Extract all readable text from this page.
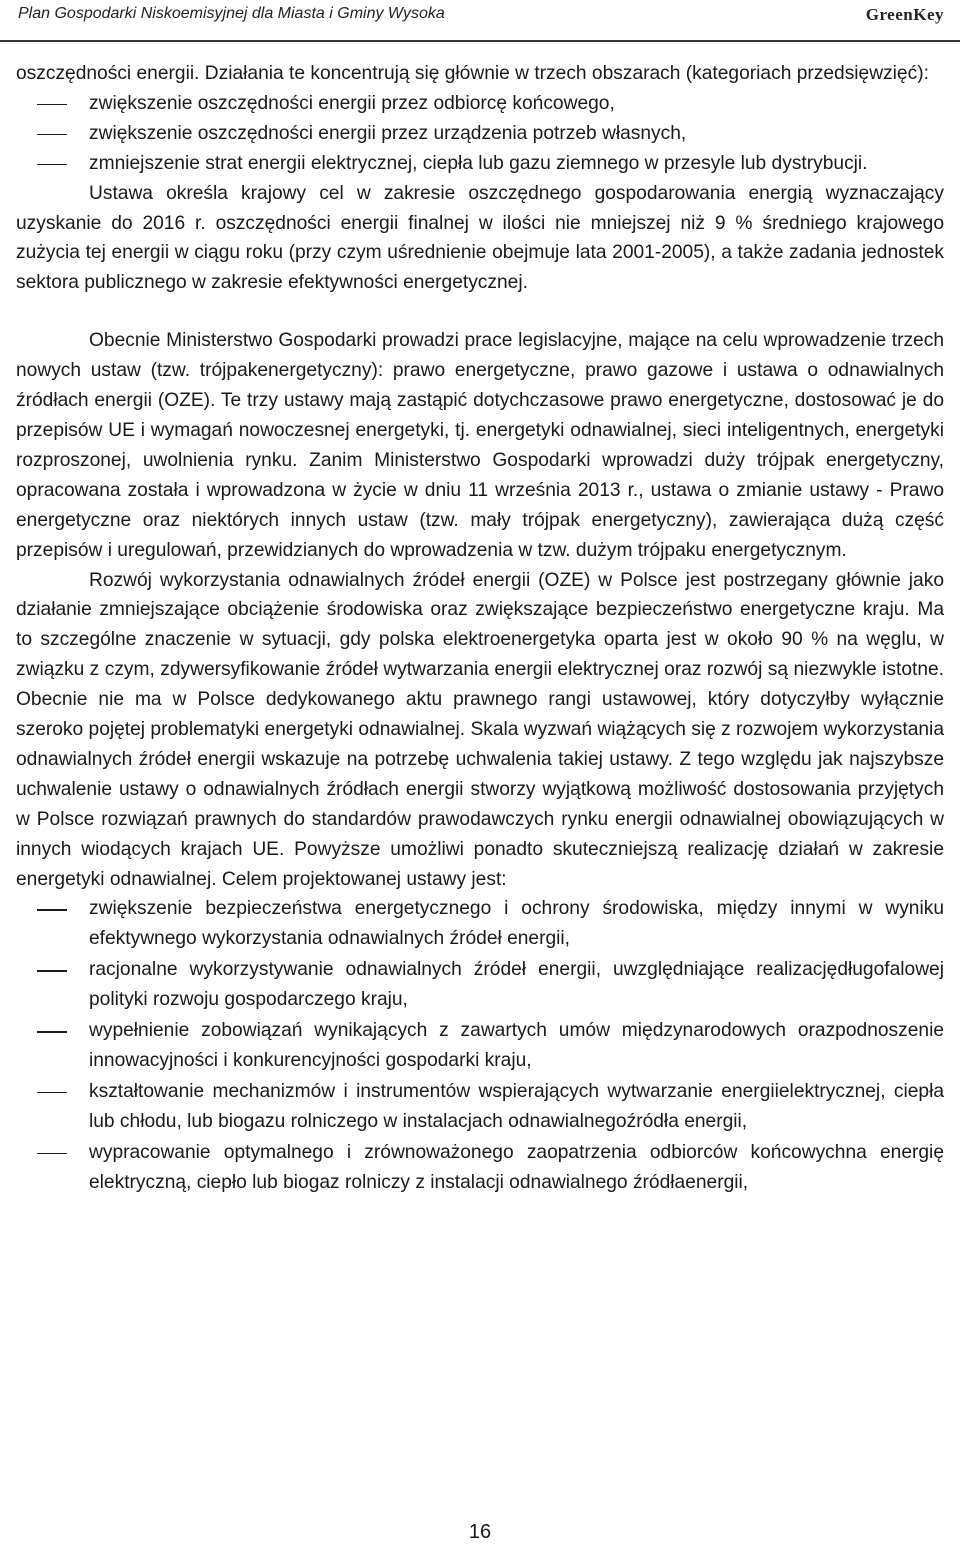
Plan Gospodarki Niskoemisyjnej dla Miasta i Gminy Wysoka	GreenKey

oszczędności energii. Działania te koncentrują się głównie w trzech obszarach (kategoriach przedsięwzięć):

zwiększenie oszczędności energii przez odbiorcę końcowego,
zwiększenie oszczędności energii przez urządzenia potrzeb własnych,
zmniejszenie strat energii elektrycznej, ciepła lub gazu ziemnego w przesyle lub dystrybucji.

Ustawa określa krajowy cel w zakresie oszczędnego gospodarowania energią wyznaczający uzyskanie do 2016 r. oszczędności energii finalnej w ilości nie mniejszej niż 9 % średniego krajowego zużycia tej energii w ciągu roku (przy czym uśrednienie obejmuje lata 2001-2005), a także zadania jednostek sektora publicznego w zakresie efektywności energetycznej.

Obecnie Ministerstwo Gospodarki prowadzi prace legislacyjne, mające na celu wprowadzenie trzech nowych ustaw (tzw. trójpakenergetyczny): prawo energetyczne, prawo gazowe i ustawa o odnawialnych źródłach energii (OZE). Te trzy ustawy mają zastąpić dotychczasowe prawo energetyczne, dostosować je do przepisów UE i wymagań nowoczesnej energetyki, tj. energetyki odnawialnej, sieci inteligentnych, energetyki rozproszonej, uwolnienia rynku. Zanim Ministerstwo Gospodarki wprowadzi duży trójpak energetyczny, opracowana została i wprowadzona w życie w dniu 11 września 2013 r., ustawa o zmianie ustawy - Prawo energetyczne oraz niektórych innych ustaw (tzw. mały trójpak energetyczny), zawierająca dużą część przepisów i uregulowań, przewidzianych do wprowadzenia w tzw. dużym trójpaku energetycznym.

Rozwój wykorzystania odnawialnych źródeł energii (OZE) w Polsce jest postrzegany głównie jako działanie zmniejszające obciążenie środowiska oraz zwiększające bezpieczeństwo energetyczne kraju. Ma to szczególne znaczenie w sytuacji, gdy polska elektroenergetyka oparta jest w około 90 % na węglu, w związku z czym, zdywersyfikowanie źródeł wytwarzania energii elektrycznej oraz rozwój są niezwykle istotne. Obecnie nie ma w Polsce dedykowanego aktu prawnego rangi ustawowej, który dotyczyłby wyłącznie szeroko pojętej problematyki energetyki odnawialnej. Skala wyzwań wiążących się z rozwojem wykorzystania odnawialnych źródeł energii wskazuje na potrzebę uchwalenia takiej ustawy. Z tego względu jak najszybsze uchwalenie ustawy o odnawialnych źródłach energii stworzy wyjątkową możliwość dostosowania przyjętych w Polsce rozwiązań prawnych do standardów prawodawczych rynku energii odnawialnej obowiązujących w innych wiodących krajach UE. Powyższe umożliwi ponadto skuteczniejszą realizację działań w zakresie energetyki odnawialnej. Celem projektowanej ustawy jest:

zwiększenie bezpieczeństwa energetycznego i ochrony środowiska, między innymi w wyniku efektywnego wykorzystania odnawialnych źródeł energii,
racjonalne wykorzystywanie odnawialnych źródeł energii, uwzględniające realizacjędługofalowej polityki rozwoju gospodarczego kraju,
wypełnienie zobowiązań wynikających z zawartych umów międzynarodowych orazpodnoszenie innowacyjności i konkurencyjności gospodarki kraju,
kształtowanie mechanizmów i instrumentów wspierających wytwarzanie energiielektrycznej, ciepła lub chłodu, lub biogazu rolniczego w instalacjach odnawialnegoźródła energii,
wypracowanie optymalnego i zrównoważonego zaopatrzenia odbiorców końcowychna energię elektryczną, ciepło lub biogaz rolniczy z instalacji odnawialnego źródłaenergii,
16
